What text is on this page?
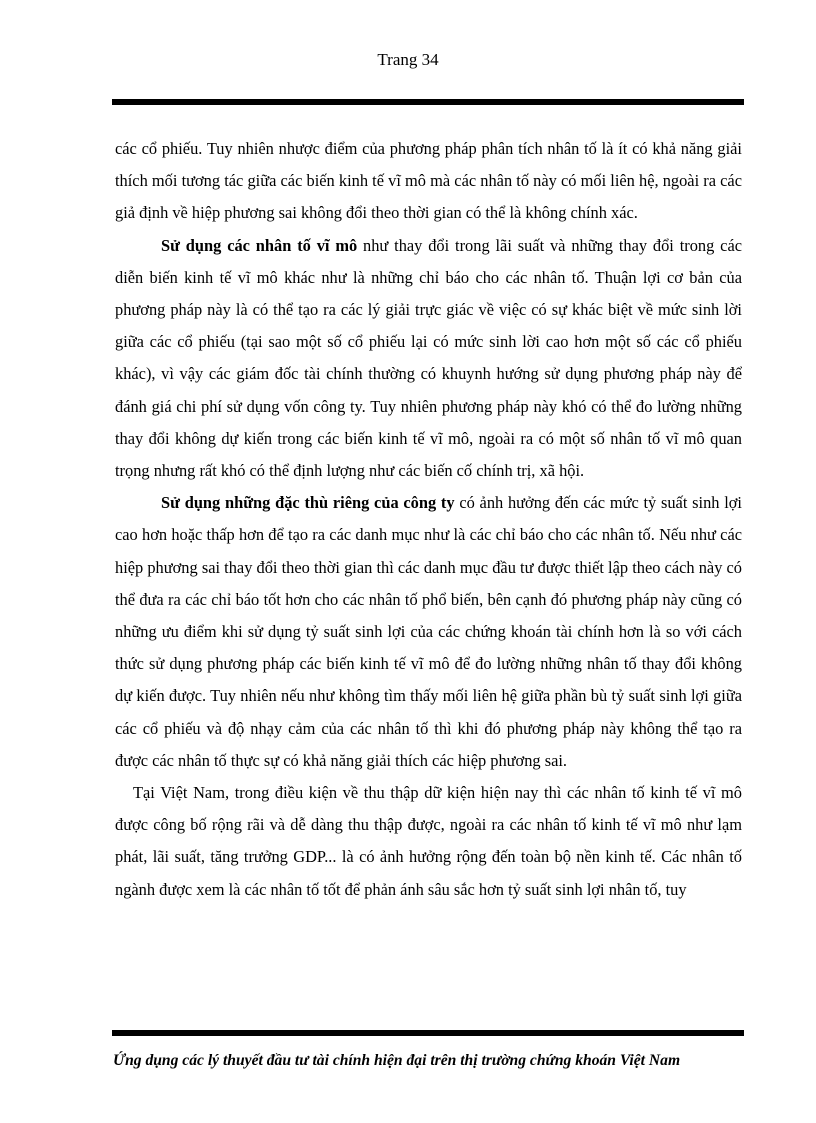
Trang 34

các cổ phiếu. Tuy nhiên nhược điểm của phương pháp phân tích nhân tố là ít có khả năng giải thích mối tương tác giữa các biến kinh tế vĩ mô mà các nhân tố này có mối liên hệ, ngoài ra các giả định về hiệp phương sai không đổi theo thời gian có thể là không chính xác.

Sử dụng các nhân tố vĩ mô như thay đổi trong lãi suất và những thay đổi trong các diễn biến kinh tế vĩ mô khác như là những chỉ báo cho các nhân tố. Thuận lợi cơ bản của phương pháp này là có thể tạo ra các lý giải trực giác về việc có sự khác biệt về mức sinh lời giữa các cổ phiếu (tại sao một số cổ phiếu lại có mức sinh lời cao hơn một số các cổ phiếu khác), vì vậy các giám đốc tài chính thường có khuynh hướng sử dụng phương pháp này để đánh giá chi phí sử dụng vốn công ty. Tuy nhiên phương pháp này khó có thể đo lường những thay đổi không dự kiến trong các biến kinh tế vĩ mô, ngoài ra có một số nhân tố vĩ mô quan trọng nhưng rất khó có thể định lượng như các biến cố chính trị, xã hội.

Sử dụng những đặc thù riêng của công ty có ảnh hưởng đến các mức tỷ suất sinh lợi cao hơn hoặc thấp hơn để tạo ra các danh mục như là các chỉ báo cho các nhân tố. Nếu như các hiệp phương sai thay đổi theo thời gian thì các danh mục đầu tư được thiết lập theo cách này có thể đưa ra các chỉ báo tốt hơn cho các nhân tố phổ biến, bên cạnh đó phương pháp này cũng có những ưu điểm khi sử dụng tỷ suất sinh lợi của các chứng khoán tài chính hơn là so với cách thức sử dụng phương pháp các biến kinh tế vĩ mô để đo lường những nhân tố thay đổi không dự kiến được. Tuy nhiên nếu như không tìm thấy mối liên hệ giữa phần bù tỷ suất sinh lợi giữa các cổ phiếu và độ nhạy cảm của các nhân tố thì khi đó phương pháp này không thể tạo ra được các nhân tố thực sự có khả năng giải thích các hiệp phương sai.

Tại Việt Nam, trong điều kiện về thu thập dữ kiện hiện nay thì các nhân tố kinh tế vĩ mô được công bố rộng rãi và dễ dàng thu thập được, ngoài ra các nhân tố kinh tế vĩ mô như lạm phát, lãi suất, tăng trưởng GDP... là có ảnh hưởng rộng đến toàn bộ nền kinh tế. Các nhân tố ngành được xem là các nhân tố tốt để phản ánh sâu sắc hơn tỷ suất sinh lợi nhân tố, tuy

Ứng dụng các lý thuyết đầu tư tài chính hiện đại trên thị trường chứng khoán Việt Nam
